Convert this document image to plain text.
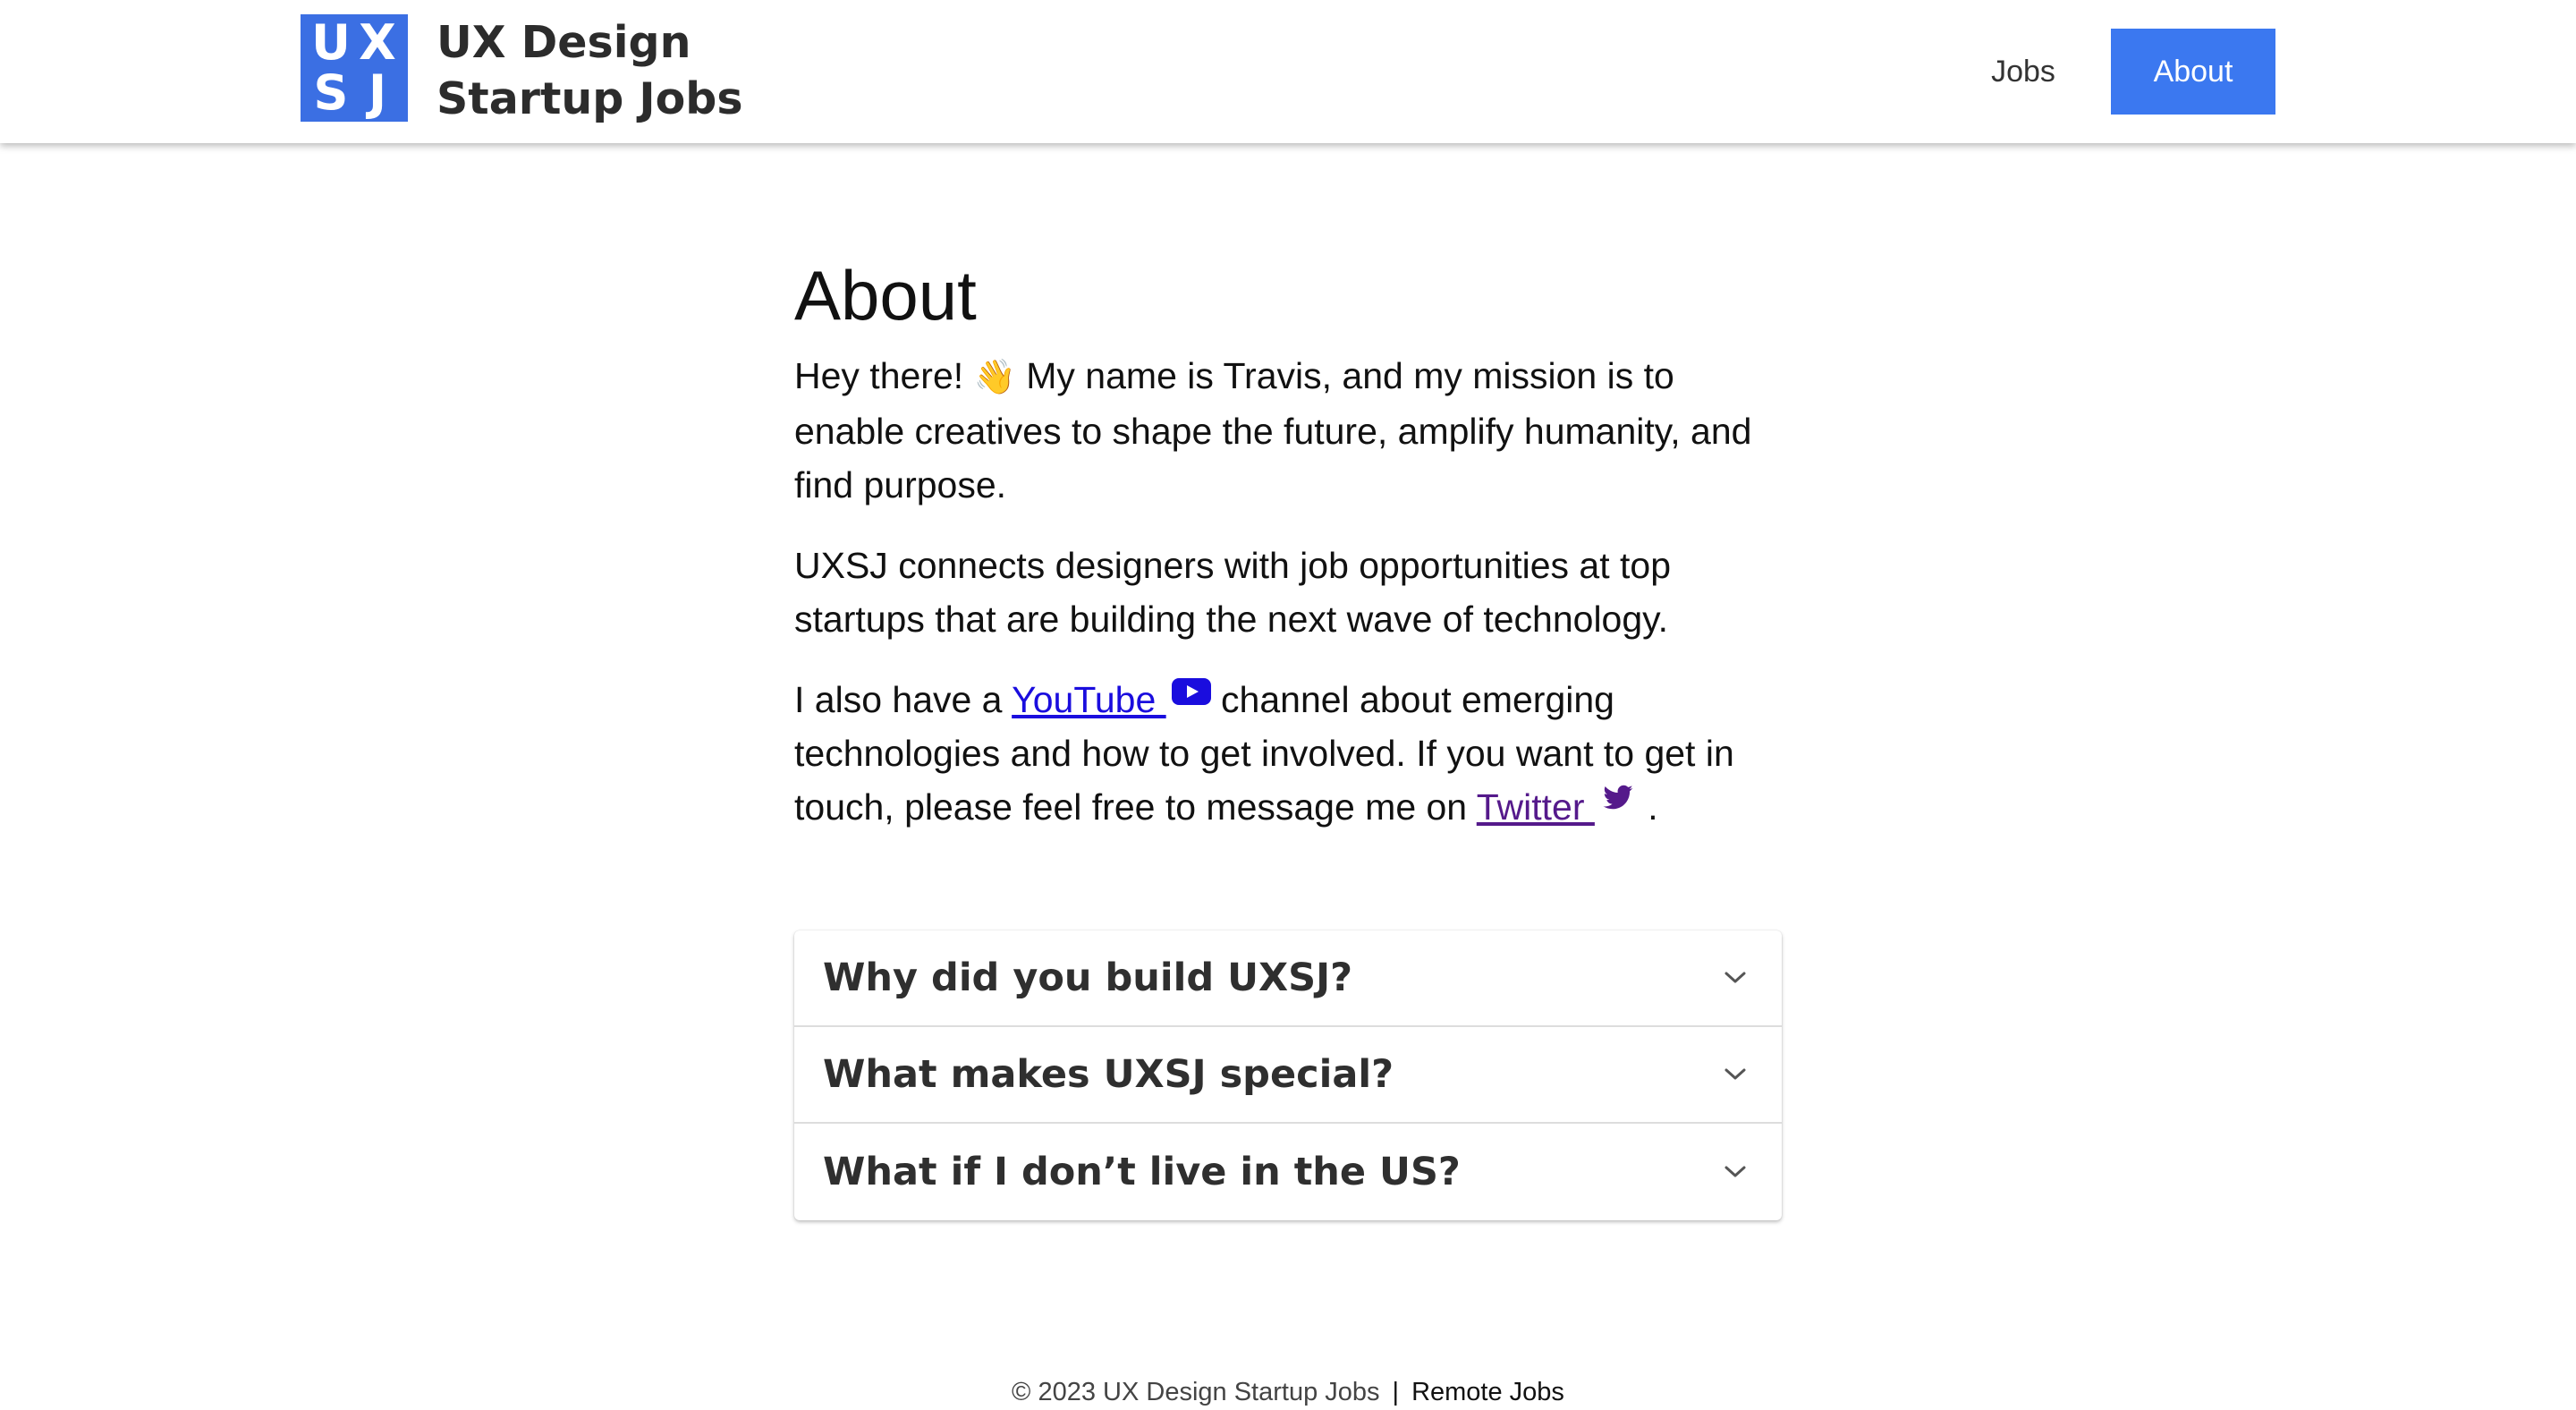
U X
S J
UX Design
Startup Jobs
Jobs	About
About

Hey there! 👋 My name is Travis, and my mission is to enable creatives to shape the future, amplify humanity, and find purpose.

UXSJ connects designers with job opportunities at top startups that are building the next wave of technology.

I also have a YouTube  channel about emerging technologies and how to get involved. If you want to get in touch, please feel free to message me on Twitter  .

Why did you build UXSJ?
What makes UXSJ special?
What if I don’t live in the US?
© 2023 UX Design Startup Jobs | Remote Jobs
